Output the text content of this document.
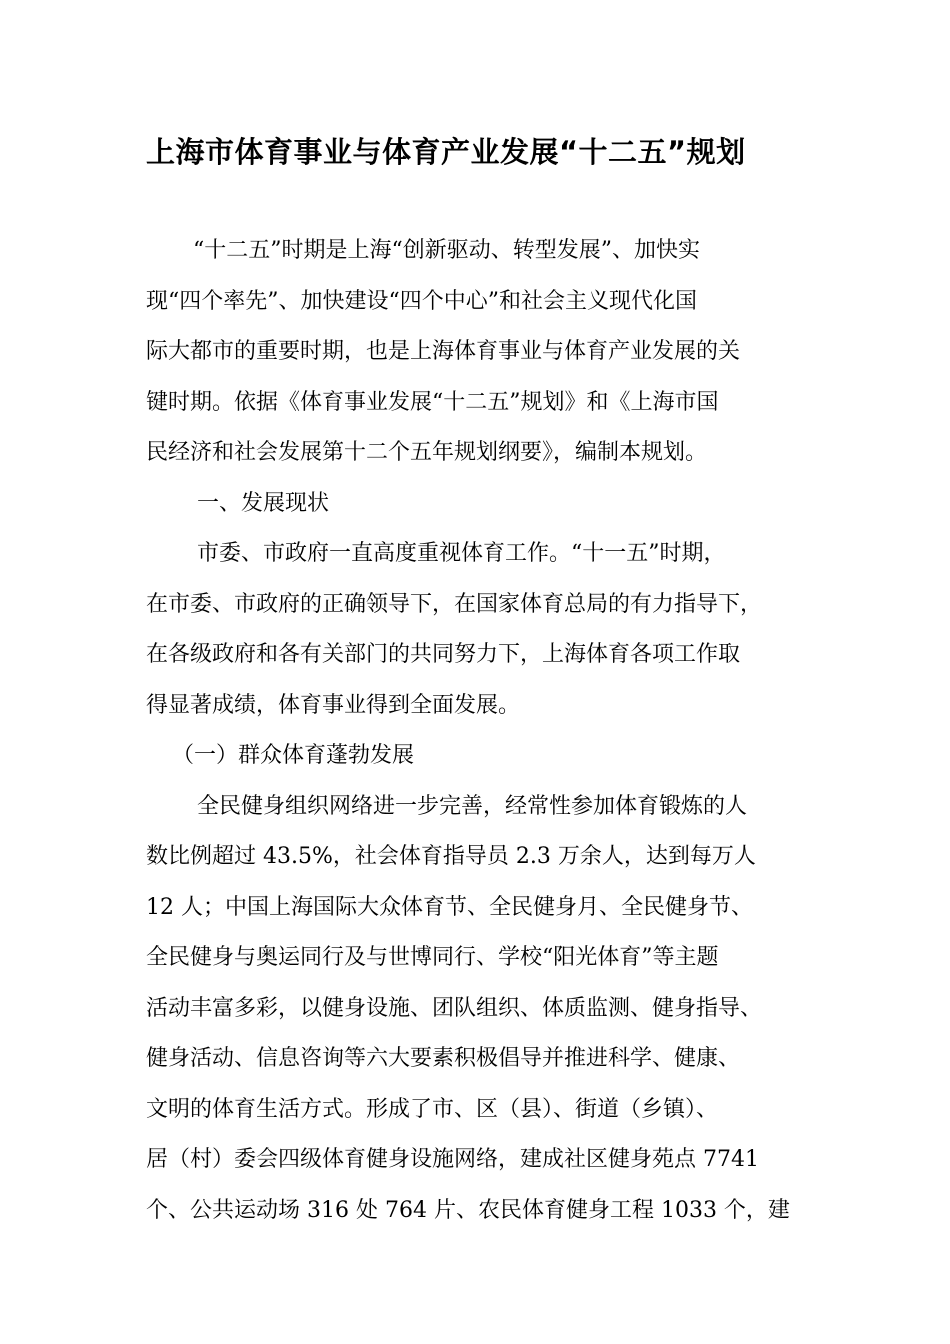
上海市体育事业与体育产业发展“十二五”规划
“十二五”时期是上海“创新驱动、转型发展”、加快实
现“四个率先”、加快建设“四个中心”和社会主义现代化国
际大都市的重要时期，也是上海体育事业与体育产业发展的关
键时期。依据《体育事业发展“十二五”规划》和《上海市国
民经济和社会发展第十二个五年规划纲要》，编制本规划。
一、发展现状
市委、市政府一直高度重视体育工作。“十一五”时期，
在市委、市政府的正确领导下，在国家体育总局的有力指导下，
在各级政府和各有关部门的共同努力下，上海体育各项工作取
得显著成绩，体育事业得到全面发展。
（一）群众体育蓬勃发展
全民健身组织网络进一步完善，经常性参加体育锻炼的人
数比例超过 43.5%，社会体育指导员 2.3 万余人，达到每万人
12 人；中国上海国际大众体育节、全民健身月、全民健身节、
全民健身与奥运同行及与世博同行、学校“阳光体育”等主题
活动丰富多彩，以健身设施、团队组织、体质监测、健身指导、
健身活动、信息咨询等六大要素积极倡导并推进科学、健康、
文明的体育生活方式。形成了市、区（县）、街道（乡镇）、
居（村）委会四级体育健身设施网络，建成社区健身苑点 7741
个、公共运动场 316 处 764 片、农民体育健身工程 1033 个，建
